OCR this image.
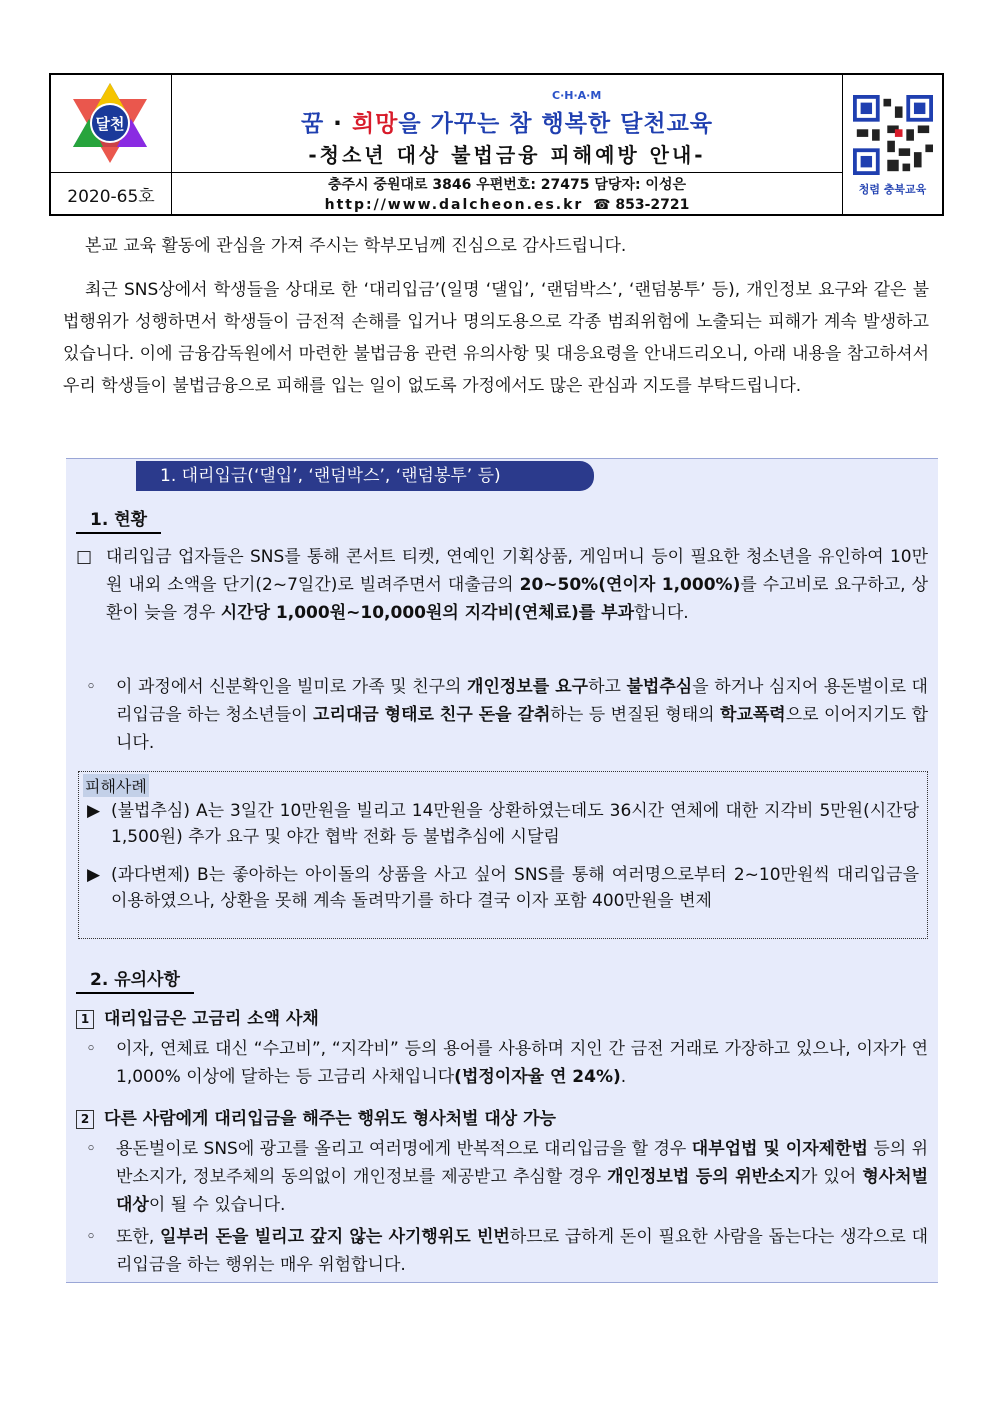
달천
2020-65호
C·H·A·M
꿈 · 희망을 가꾸는 참 행복한 달천교육
-청소년 대상 불법금융 피해예방 안내-
충주시 중원대로 3846 우편번호: 27475 담당자: 이성은
http://www.dalcheon.es.kr ☎ 853-2721
청렴 충북교육

본교 교육 활동에 관심을 가져 주시는 학부모님께 진심으로 감사드립니다.

최근 SNS상에서 학생들을 상대로 한 ‘대리입금’(일명 ‘댈입’, ‘랜덤박스’, ‘랜덤봉투’ 등), 개인정보 요구와 같은 불법행위가 성행하면서 학생들이 금전적 손해를 입거나 명의도용으로 각종 범죄위험에 노출되는 피해가 계속 발생하고 있습니다. 이에 금융감독원에서 마련한 불법금융 관련 유의사항 및 대응요령을 안내드리오니, 아래 내용을 참고하셔서 우리 학생들이 불법금융으로 피해를 입는 일이 없도록 가정에서도 많은 관심과 지도를 부탁드립니다.

1. 대리입금(‘댈입’, ‘랜덤박스’, ‘랜덤봉투’ 등)
1. 현황
□ 대리입금 업자들은 SNS를 통해 콘서트 티켓, 연예인 기획상품, 게임머니 등이 필요한 청소년을 유인하여 10만원 내외 소액을 단기(2~7일간)로 빌려주면서 대출금의 20~50%(연이자 1,000%)를 수고비로 요구하고, 상환이 늦을 경우 시간당 1,000원~10,000원의 지각비(연체료)를 부과합니다.
◦	이 과정에서 신분확인을 빌미로 가족 및 친구의 개인정보를 요구하고 불법추심을 하거나 심지어 용돈벌이로 대리입금을 하는 청소년들이 고리대금 형태로 친구 돈을 갈취하는 등 변질된 형태의 학교폭력으로 이어지기도 합니다.
피해사례
▶ (불법추심) A는 3일간 10만원을 빌리고 14만원을 상환하였는데도 36시간 연체에 대한 지각비 5만원(시간당 1,500원) 추가 요구 및 야간 협박 전화 등 불법추심에 시달림
▶ (과다변제) B는 좋아하는 아이돌의 상품을 사고 싶어 SNS를 통해 여러명으로부터 2~10만원씩 대리입금을 이용하였으나, 상환을 못해 계속 돌려막기를 하다 결국 이자 포함 400만원을 변제
2. 유의사항
1 대리입금은 고금리 소액 사채
◦	이자, 연체료 대신 “수고비”, “지각비” 등의 용어를 사용하며 지인 간 금전 거래로 가장하고 있으나, 이자가 연 1,000% 이상에 달하는 등 고금리 사채입니다(법정이자율 연 24%).
2 다른 사람에게 대리입금을 해주는 행위도 형사처벌 대상 가능
◦	용돈벌이로 SNS에 광고를 올리고 여러명에게 반복적으로 대리입금을 할 경우 대부업법 및 이자제한법 등의 위반소지가, 정보주체의 동의없이 개인정보를 제공받고 추심할 경우 개인정보법 등의 위반소지가 있어 형사처벌 대상이 될 수 있습니다.
◦	또한, 일부러 돈을 빌리고 갚지 않는 사기행위도 빈번하므로 급하게 돈이 필요한 사람을 돕는다는 생각으로 대리입금을 하는 행위는 매우 위험합니다.
